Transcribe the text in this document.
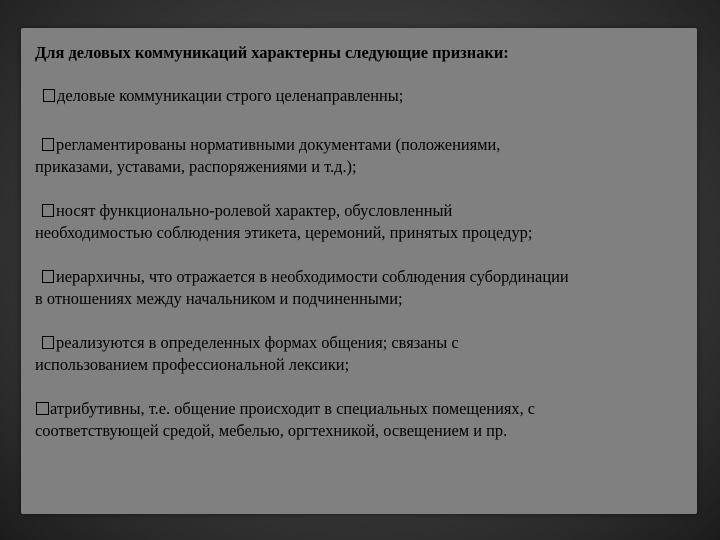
Для деловых коммуникаций характерны следующие признаки:
деловые коммуникации строго целенаправленны;
регламентированы нормативными документами (положениями,
приказами, уставами, распоряжениями и т.д.);
носят функционально-ролевой характер, обусловленный
необходимостью соблюдения этикета, церемоний, принятых процедур;
иерархичны, что отражается в необходимости соблюдения субординации
в отношениях между начальником и подчиненными;
реализуются в определенных формах общения; связаны с
использованием профессиональной лексики;
атрибутивны, т.е. общение происходит в специальных помещениях, с
соответствующей средой, мебелью, оргтехникой, освещением и пр.
